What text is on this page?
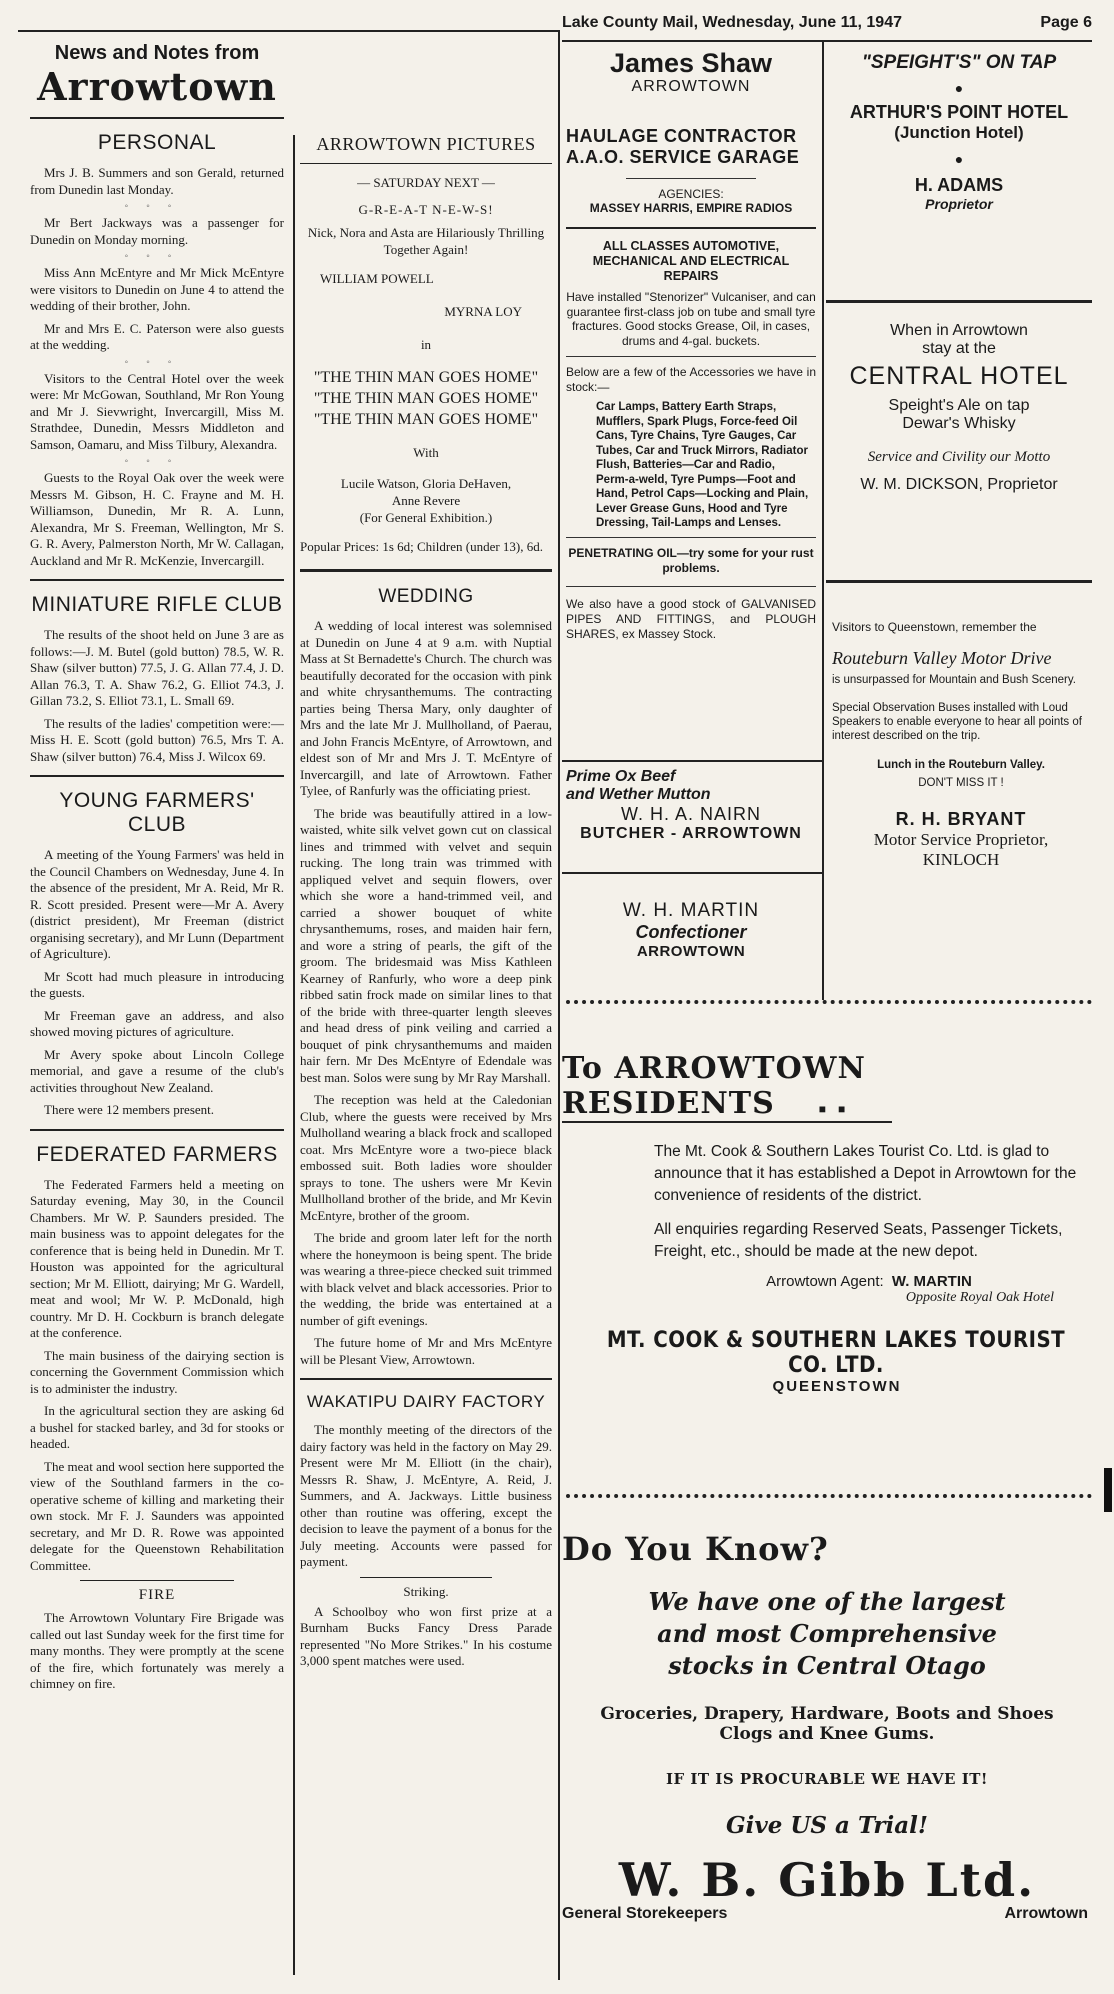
Lake County Mail, Wednesday, June 11, 1947	Page 6
News and Notes from
Arrowtown
PERSONAL

Mrs J. B. Summers and son Gerald, returned from Dunedin last Monday.

◦◦◦

Mr Bert Jackways was a passenger for Dunedin on Monday morning.

◦◦◦

Miss Ann McEntyre and Mr Mick McEntyre were visitors to Dunedin on June 4 to attend the wedding of their brother, John.

Mr and Mrs E. C. Paterson were also guests at the wedding.

◦◦◦

Visitors to the Central Hotel over the week were: Mr McGowan, Southland, Mr Ron Young and Mr J. Sievwright, Invercargill, Miss M. Strathdee, Dunedin, Messrs Middleton and Samson, Oamaru, and Miss Tilbury, Alexandra.

◦◦◦

Guests to the Royal Oak over the week were Messrs M. Gibson, H. C. Frayne and M. H. Williamson, Dunedin, Mr R. A. Lunn, Alexandra, Mr S. Freeman, Wellington, Mr S. G. R. Avery, Palmerston North, Mr W. Callagan, Auckland and Mr R. McKenzie, Invercargill.

MINIATURE RIFLE CLUB

The results of the shoot held on June 3 are as follows:—J. M. Butel (gold button) 78.5, W. R. Shaw (silver button) 77.5, J. G. Allan 77.4, J. D. Allan 76.3, T. A. Shaw 76.2, G. Elliot 74.3, J. Gillan 73.2, S. Elliot 73.1, L. Small 69.

The results of the ladies' competition were:—Miss H. E. Scott (gold button) 76.5, Mrs T. A. Shaw (silver button) 76.4, Miss J. Wilcox 69.

YOUNG FARMERS' CLUB

A meeting of the Young Farmers' was held in the Council Chambers on Wednesday, June 4. In the absence of the president, Mr A. Reid, Mr R. R. Scott presided. Present were—Mr A. Avery (district president), Mr Freeman (district organising secretary), and Mr Lunn (Department of Agriculture).

Mr Scott had much pleasure in introducing the guests.

Mr Freeman gave an address, and also showed moving pictures of agriculture.

Mr Avery spoke about Lincoln College memorial, and gave a resume of the club's activities throughout New Zealand.

There were 12 members present.

FEDERATED FARMERS

The Federated Farmers held a meeting on Saturday evening, May 30, in the Council Chambers. Mr W. P. Saunders presided. The main business was to appoint delegates for the conference that is being held in Dunedin. Mr T. Houston was appointed for the agricultural section; Mr M. Elliott, dairying; Mr G. Wardell, meat and wool; Mr W. P. McDonald, high country. Mr D. H. Cockburn is branch delegate at the conference.

The main business of the dairying section is concerning the Government Commission which is to administer the industry.

In the agricultural section they are asking 6d a bushel for stacked barley, and 3d for stooks or headed.

The meat and wool section here supported the view of the Southland farmers in the co-operative scheme of killing and marketing their own stock. Mr F. J. Saunders was appointed secretary, and Mr D. R. Rowe was appointed delegate for the Queenstown Rehabilitation Committee.

FIRE

The Arrowtown Voluntary Fire Brigade was called out last Sunday week for the first time for many months. They were promptly at the scene of the fire, which fortunately was merely a chimney on fire.

ARROWTOWN PICTURES
— SATURDAY NEXT —
G-R-E-A-T N-E-W-S!
Nick, Nora and Asta are Hilariously Thrilling Together Again!
WILLIAM POWELL
MYRNA LOY
in
"THE THIN MAN GOES HOME"
"THE THIN MAN GOES HOME"
"THE THIN MAN GOES HOME"
With
Lucile Watson, Gloria DeHaven,
Anne Revere
(For General Exhibition.)
Popular Prices: 1s 6d; Children (under 13), 6d.
WEDDING

A wedding of local interest was solemnised at Dunedin on June 4 at 9 a.m. with Nuptial Mass at St Bernadette's Church. The church was beautifully decorated for the occasion with pink and white chrysanthemums. The contracting parties being Thersa Mary, only daughter of Mrs and the late Mr J. Mullholland, of Paerau, and John Francis McEntyre, of Arrowtown, and eldest son of Mr and Mrs J. T. McEntyre of Invercargill, and late of Arrowtown. Father Tylee, of Ranfurly was the officiating priest.

The bride was beautifully attired in a low-waisted, white silk velvet gown cut on classical lines and trimmed with velvet and sequin rucking. The long train was trimmed with appliqued velvet and sequin flowers, over which she wore a hand-trimmed veil, and carried a shower bouquet of white chrysanthemums, roses, and maiden hair fern, and wore a string of pearls, the gift of the groom. The bridesmaid was Miss Kathleen Kearney of Ranfurly, who wore a deep pink ribbed satin frock made on similar lines to that of the bride with three-quarter length sleeves and head dress of pink veiling and carried a bouquet of pink chrysanthemums and maiden hair fern. Mr Des McEntyre of Edendale was best man. Solos were sung by Mr Ray Marshall.

The reception was held at the Caledonian Club, where the guests were received by Mrs Mulholland wearing a black frock and scalloped coat. Mrs McEntyre wore a two-piece black embossed suit. Both ladies wore shoulder sprays to tone. The ushers were Mr Kevin Mullholland brother of the bride, and Mr Kevin McEntyre, brother of the groom.

The bride and groom later left for the north where the honeymoon is being spent. The bride was wearing a three-piece checked suit trimmed with black velvet and black accessories. Prior to the wedding, the bride was entertained at a number of gift evenings.

The future home of Mr and Mrs McEntyre will be Plesant View, Arrowtown.

WAKATIPU DAIRY FACTORY

The monthly meeting of the directors of the dairy factory was held in the factory on May 29. Present were Mr M. Elliott (in the chair), Messrs R. Shaw, J. McEntyre, A. Reid, J. Summers, and A. Jackways. Little business other than routine was offering, except the decision to leave the payment of a bonus for the July meeting. Accounts were passed for payment.

Striking.

A Schoolboy who won first prize at a Burnham Bucks Fancy Dress Parade represented "No More Strikes." In his costume 3,000 spent matches were used.

James Shaw
ARROWTOWN
HAULAGE CONTRACTOR
A.A.O. SERVICE GARAGE
AGENCIES:
MASSEY HARRIS, EMPIRE RADIOS
ALL CLASSES AUTOMOTIVE, MECHANICAL AND ELECTRICAL REPAIRS

Have installed "Stenorizer" Vulcaniser, and can guarantee first-class job on tube and small tyre fractures. Good stocks Grease, Oil, in cases, drums and 4-gal. buckets.

Below are a few of the Accessories we have in stock:—

Car Lamps, Battery Earth Straps, Mufflers, Spark Plugs, Force-feed Oil Cans, Tyre Chains, Tyre Gauges, Car Tubes, Car and Truck Mirrors, Radiator Flush, Batteries—Car and Radio, Perm-a-weld, Tyre Pumps—Foot and Hand, Petrol Caps—Locking and Plain, Lever Grease Guns, Hood and Tyre Dressing, Tail-Lamps and Lenses.

PENETRATING OIL—try some for your rust problems.

We also have a good stock of GALVANISED PIPES AND FITTINGS, and PLOUGH SHARES, ex Massey Stock.

Prime Ox Beef
and Wether Mutton
W. H. A. NAIRN
BUTCHER - ARROWTOWN
W. H. MARTIN
Confectioner
ARROWTOWN
"SPEIGHT'S" ON TAP
●
ARTHUR'S POINT HOTEL
(Junction Hotel)
●
H. ADAMS
Proprietor
When in Arrowtown
stay at the
CENTRAL HOTEL
Speight's Ale on tap
Dewar's Whisky
Service and Civility our Motto
W. M. DICKSON, Proprietor
Visitors to Queenstown, remember the
Routeburn Valley Motor Drive
is unsurpassed for Mountain and Bush Scenery.
Special Observation Buses installed with Loud Speakers to enable everyone to hear all points of interest described on the trip.
Lunch in the Routeburn Valley.
DON'T MISS IT !
R. H. BRYANT
Motor Service Proprietor,
KINLOCH
To ARROWTOWN
RESIDENTS	■    ■
The Mt. Cook & Southern Lakes Tourist Co. Ltd. is glad to announce that it has established a Depot in Arrowtown for the convenience of residents of the district.
All enquiries regarding Reserved Seats, Passenger Tickets, Freight, etc., should be made at the new depot.
Arrowtown Agent: W. MARTIN
Opposite Royal Oak Hotel
MT. COOK & SOUTHERN LAKES TOURIST CO. LTD.
QUEENSTOWN
Do You Know?
We have one of the largest
and most Comprehensive
stocks in Central Otago
Groceries, Drapery, Hardware, Boots and Shoes
Clogs and Knee Gums.
IF IT IS PROCURABLE WE HAVE IT!
Give US a Trial!
W. B. Gibb Ltd.
General Storekeepers	Arrowtown
